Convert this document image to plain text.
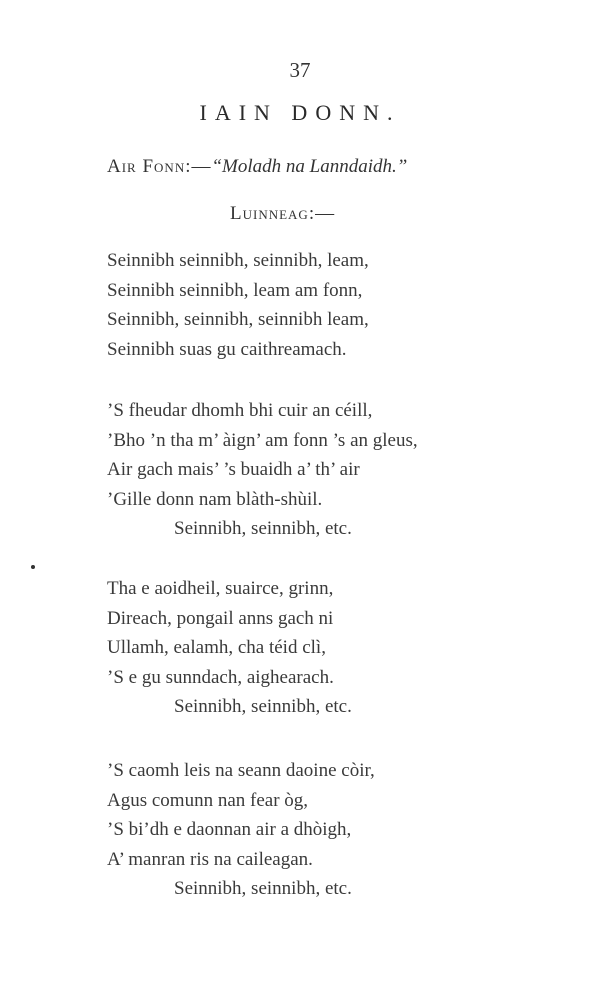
37
IAIN DONN.
Air Fonn:—“Moladh na Lanndaidh.”
Luinneag:—
Seinnibh seinnibh, seinnibh, leam,
Seinnibh seinnibh, leam am fonn,
Seinnibh, seinnibh, seinnibh leam,
Seinnibh suas gu caithreamach.
’S fheudar dhomh bhi cuir an céill,
’Bho ’n tha m’ àign’ am fonn ’s an gleus,
Air gach mais’ ’s buaidh a’ th’ air
’Gille donn nam blàth-shùil.
Seinnibh, seinnibh, etc.
Tha e aoidheil, suairce, grinn,
Direach, pongail anns gach ni
Ullamh, ealamh, cha téid clì,
’S e gu sunndach, aighearach.
Seinnibh, seinnibh, etc.
’S caomh leis na seann daoine còir,
Agus comunn nan fear òg,
’S bi’dh e daonnan air a dhòigh,
A’ manran ris na caileagan.
Seinnibh, seinnibh, etc.
